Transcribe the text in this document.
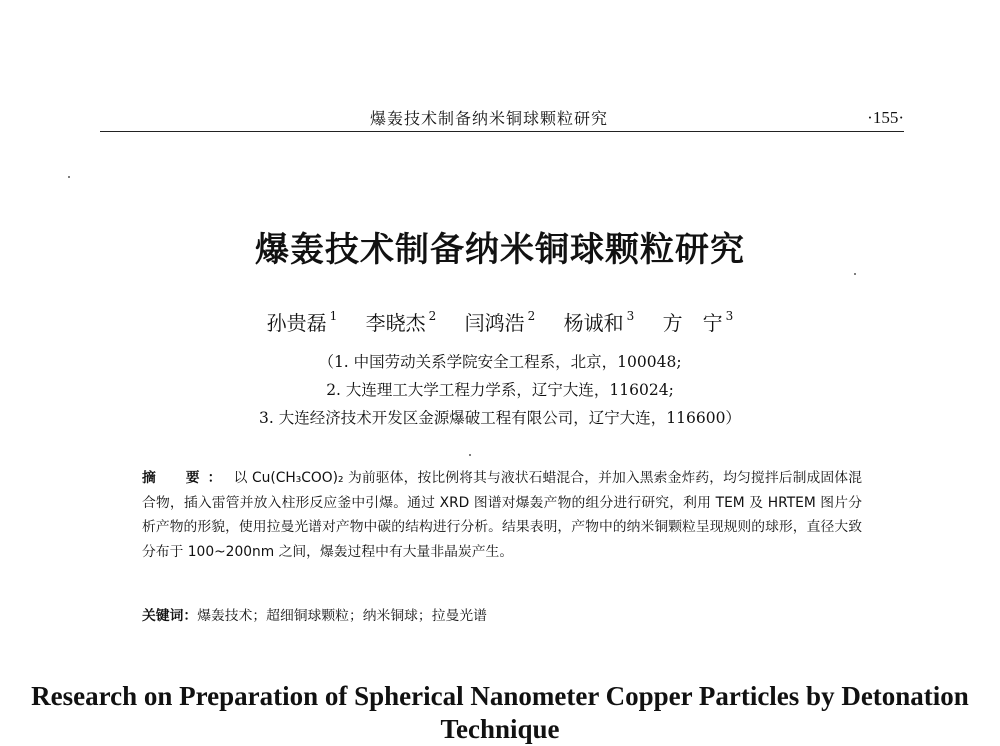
爆轰技术制备纳米铜球颗粒研究	·155·
爆轰技术制备纳米铜球颗粒研究
孙贵磊 $^1$ 李晓杰 $^2$ 闫鸿浩 $^2$ 杨诚和 $^3$ 方　宁 $^3$
（1. 中国劳动关系学院安全工程系，北京，100048;
2. 大连理工大学工程力学系，辽宁大连，116024;
3. 大连经济技术开发区金源爆破工程有限公司，辽宁大连，116600）
摘　要： 以 Cu(CH₃COO)₂ 为前驱体，按比例将其与液状石蜡混合，并加入黑索金炸药，均匀搅拌后制成固体混合物，插入雷管并放入柱形反应釜中引爆。通过 XRD 图谱对爆轰产物的组分进行研究，利用 TEM 及 HRTEM 图片分析产物的形貌，使用拉曼光谱对产物中碳的结构进行分析。结果表明，产物中的纳米铜颗粒呈现规则的球形，直径大致分布于 100~200nm 之间，爆轰过程中有大量非晶炭产生。
关键词：爆轰技术；超细铜球颗粒；纳米铜球；拉曼光谱
Research on Preparation of Spherical Nanometer Copper Particles by Detonation Technique
